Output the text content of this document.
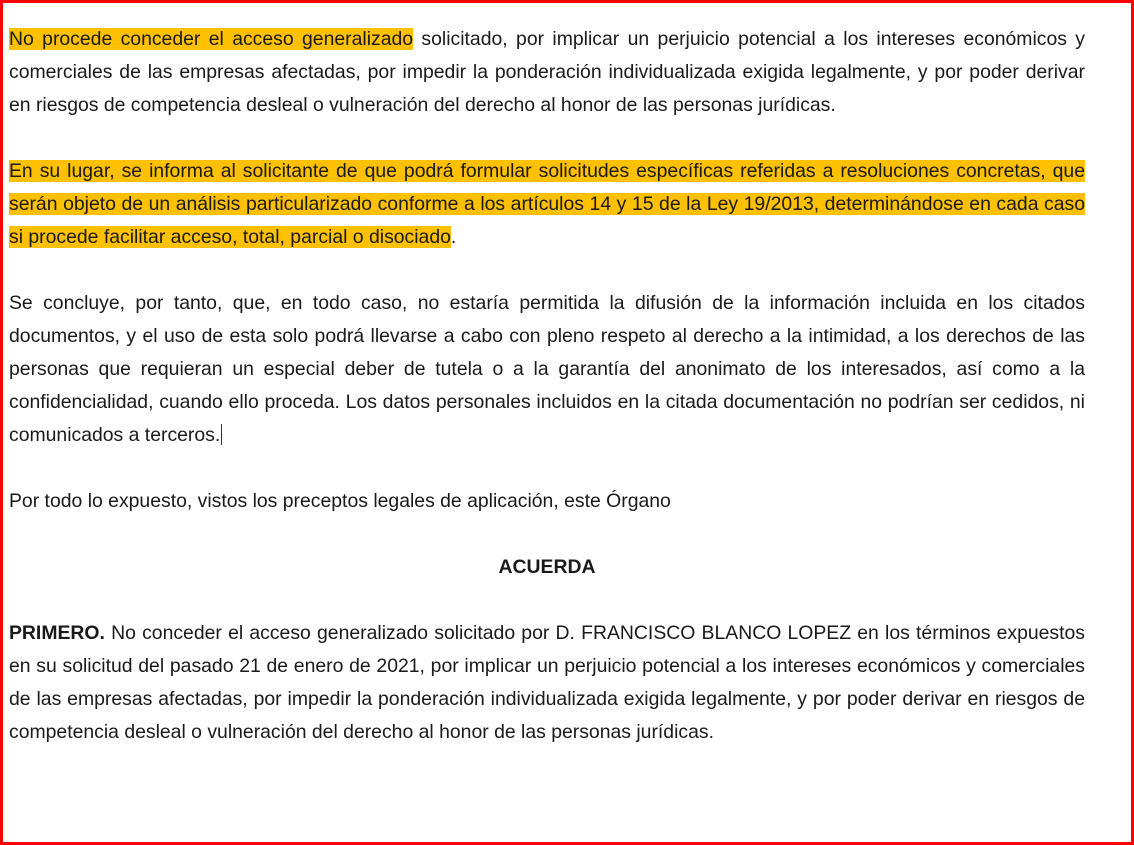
No procede conceder el acceso generalizado solicitado, por implicar un perjuicio potencial a los intereses económicos y comerciales de las empresas afectadas, por impedir la ponderación individualizada exigida legalmente, y por poder derivar en riesgos de competencia desleal o vulneración del derecho al honor de las personas jurídicas.

En su lugar, se informa al solicitante de que podrá formular solicitudes específicas referidas a resoluciones concretas, que serán objeto de un análisis particularizado conforme a los artículos 14 y 15 de la Ley 19/2013, determinándose en cada caso si procede facilitar acceso, total, parcial o disociado.

Se concluye, por tanto, que, en todo caso, no estaría permitida la difusión de la información incluida en los citados documentos, y el uso de esta solo podrá llevarse a cabo con pleno respeto al derecho a la intimidad, a los derechos de las personas que requieran un especial deber de tutela o a la garantía del anonimato de los interesados, así como a la confidencialidad, cuando ello proceda. Los datos personales incluidos en la citada documentación no podrían ser cedidos, ni comunicados a terceros.

Por todo lo expuesto, vistos los preceptos legales de aplicación, este Órgano

ACUERDA

PRIMERO. No conceder el acceso generalizado solicitado por D. FRANCISCO BLANCO LOPEZ en los términos expuestos en su solicitud del pasado 21 de enero de 2021, por implicar un perjuicio potencial a los intereses económicos y comerciales de las empresas afectadas, por impedir la ponderación individualizada exigida legalmente, y por poder derivar en riesgos de competencia desleal o vulneración del derecho al honor de las personas jurídicas.
